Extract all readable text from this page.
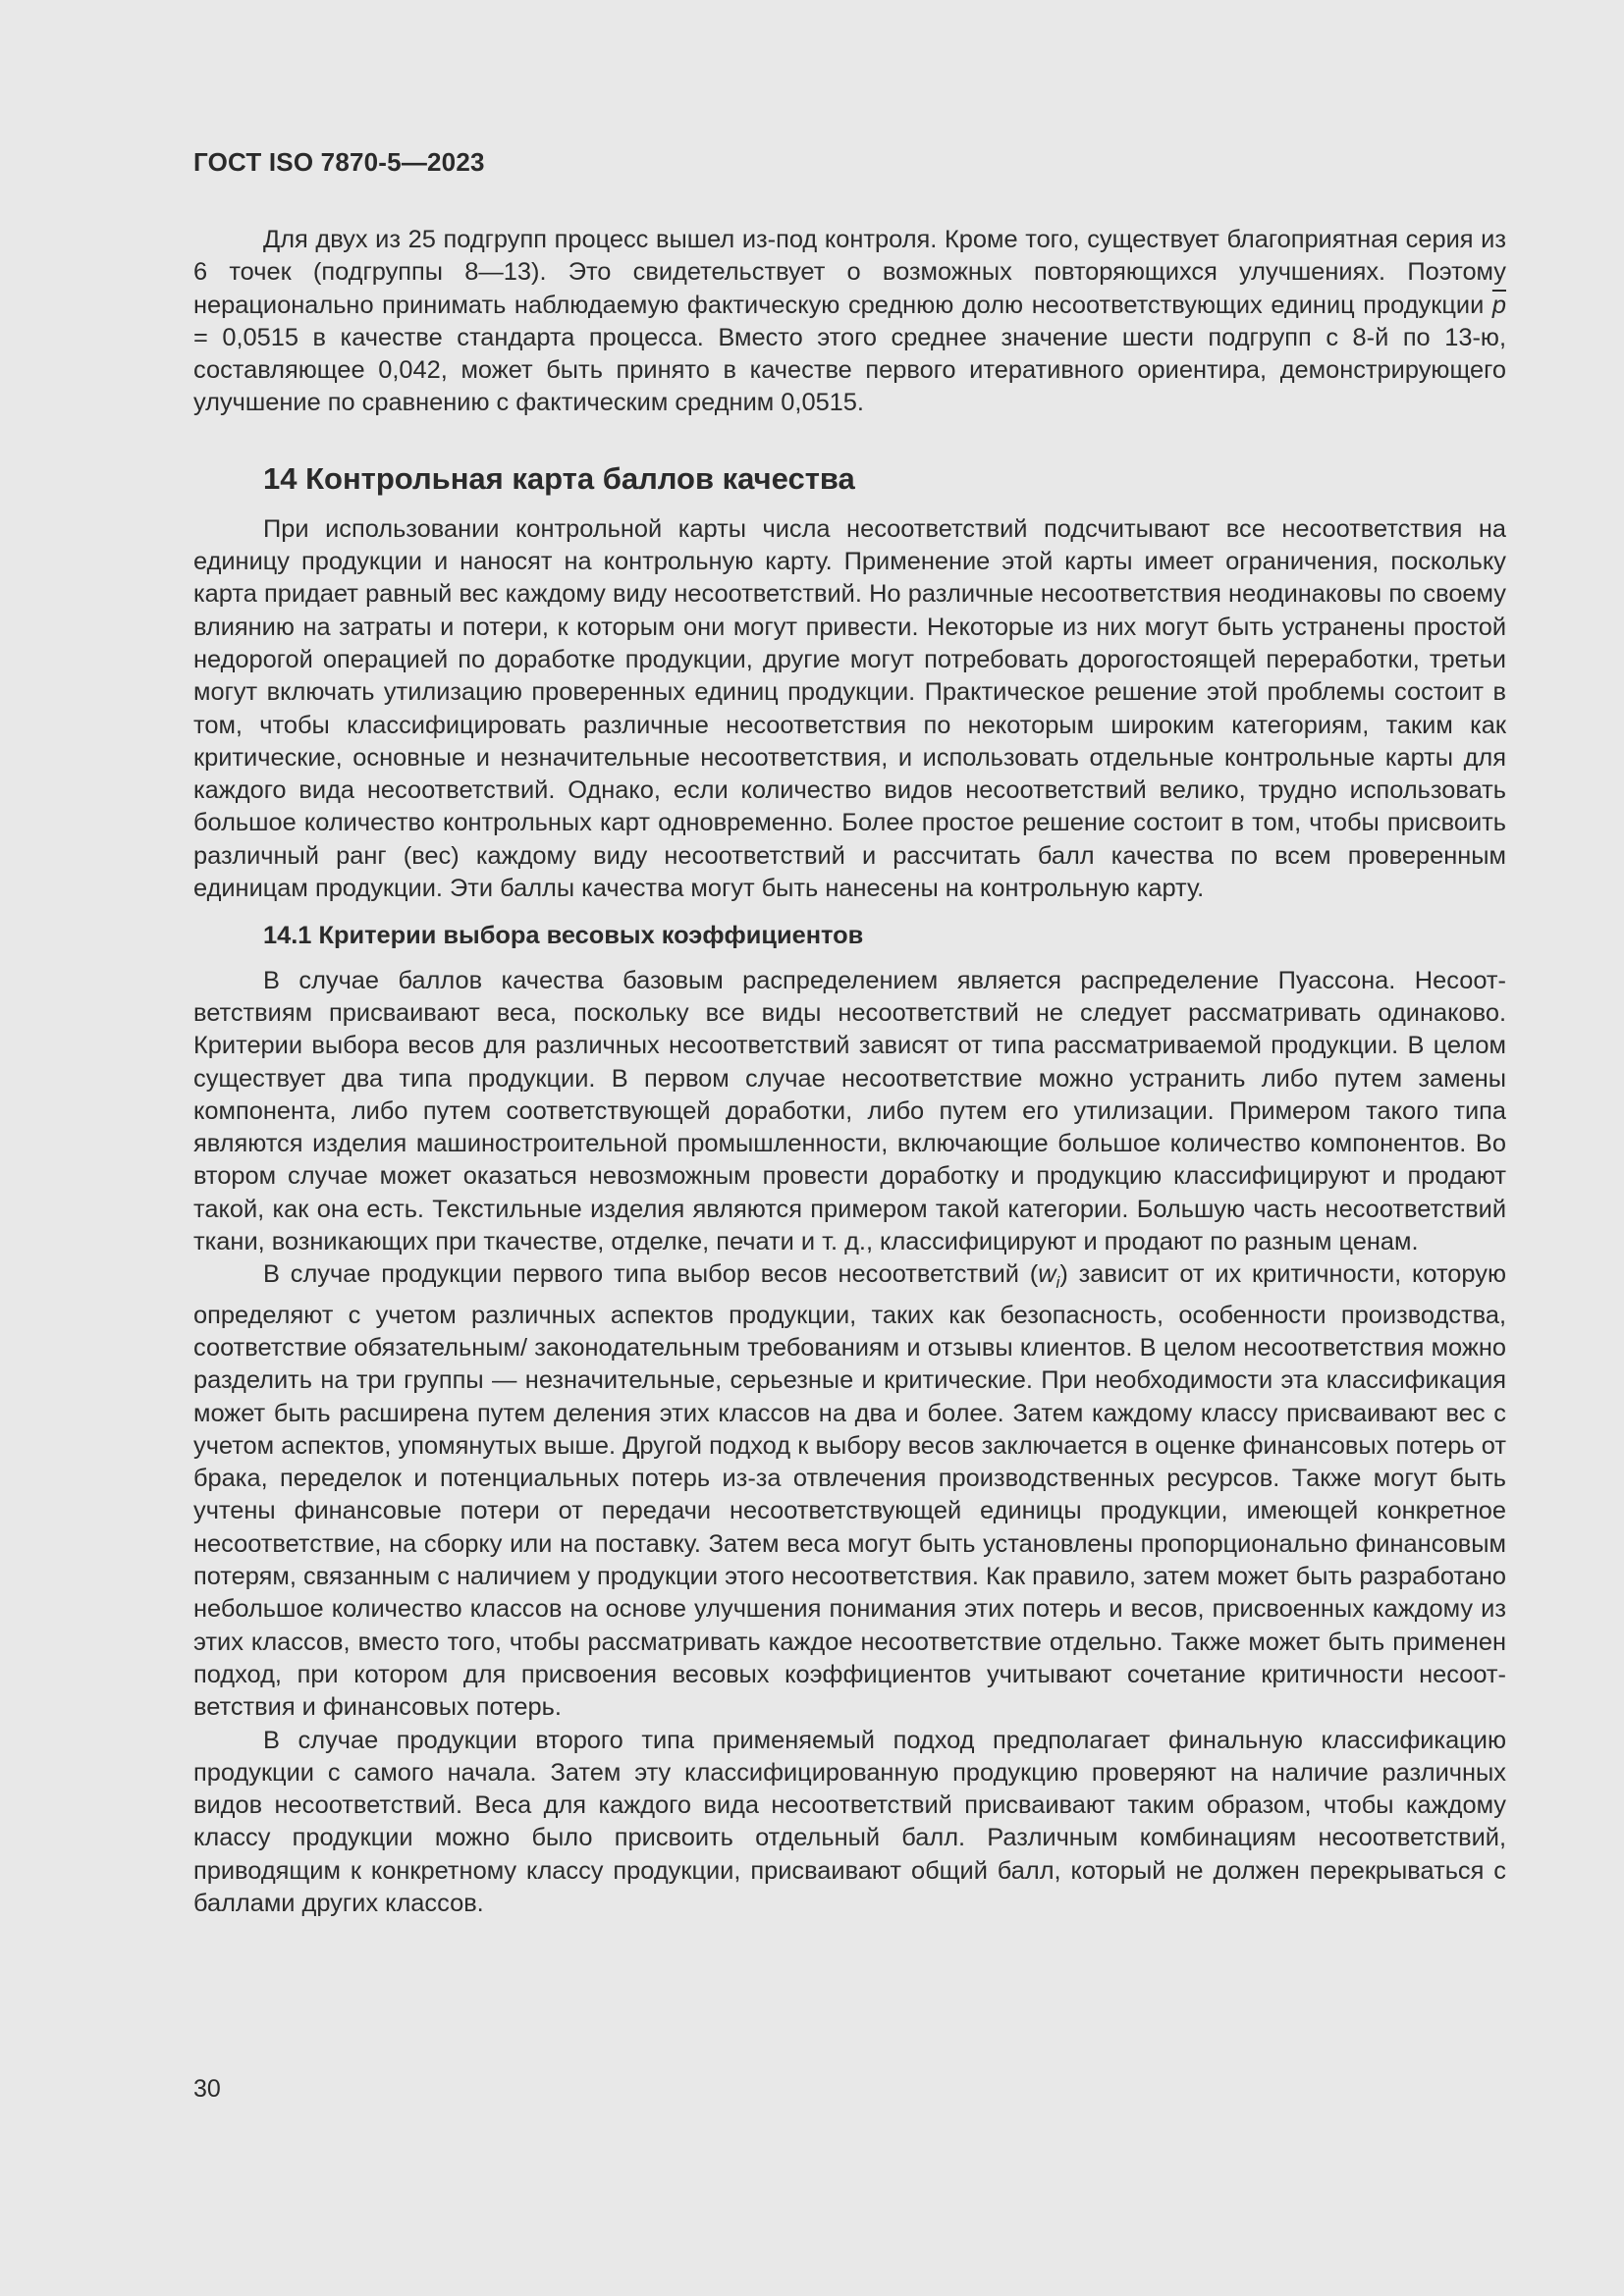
ГОСТ ISO 7870-5—2023

Для двух из 25 подгрупп процесс вышел из-под контроля. Кроме того, существует благоприятная серия из 6 точек (подгруппы 8—13). Это свидетельствует о возможных повторяющихся улучшениях. Поэтому нерационально принимать наблюдаемую фактическую среднюю долю несоответствующих единиц продукции $\overline{p} = 0,0515$ в качестве стандарта процесса. Вместо этого среднее значение шести подгрупп с 8-й по 13-ю, составляющее 0,042, может быть принято в качестве первого итеративного ориентира, демонстрирующего улучшение по сравнению с фактическим средним 0,0515.

14 Контрольная карта баллов качества

При использовании контрольной карты числа несоответствий подсчитывают все несоответствия на единицу продукции и наносят на контрольную карту. Применение этой карты имеет ограничения, поскольку карта придает равный вес каждому виду несоответствий. Но различные несоответствия неодинаковы по своему влиянию на затраты и потери, к которым они могут привести. Некоторые из них могут быть устранены простой недорогой операцией по доработке продукции, другие могут потребовать дорогостоящей переработки, третьи могут включать утилизацию проверенных единиц продукции. Практическое решение этой проблемы состоит в том, чтобы классифицировать различные несоответствия по некоторым широким категориям, таким как критические, основные и незначительные несоответствия, и использовать отдельные контрольные карты для каждого вида несоответствий. Однако, если количество видов несоответствий велико, трудно использовать большое количество контрольных карт одновременно. Более простое решение состоит в том, чтобы присвоить различный ранг (вес) каждому виду несоответствий и рассчитать балл качества по всем проверенным единицам продукции. Эти баллы качества могут быть нанесены на контрольную карту.

14.1 Критерии выбора весовых коэффициентов

В случае баллов качества базовым распределением является распределение Пуассона. Несоответствиям присваивают веса, поскольку все виды несоответствий не следует рассматривать одинаково. Критерии выбора весов для различных несоответствий зависят от типа рассматриваемой продукции. В целом существует два типа продукции. В первом случае несоответствие можно устранить либо путем замены компонента, либо путем соответствующей доработки, либо путем его утилизации. Примером такого типа являются изделия машиностроительной промышленности, включающие большое количество компонентов. Во втором случае может оказаться невозможным провести доработку и продукцию классифицируют и продают такой, как она есть. Текстильные изделия являются примером такой категории. Большую часть несоответствий ткани, возникающих при ткачестве, отделке, печати и т. д., классифицируют и продают по разным ценам.

В случае продукции первого типа выбор весов несоответствий $(w_i)$ зависит от их критичности, которую определяют с учетом различных аспектов продукции, таких как безопасность, особенности производства, соответствие обязательным/ законодательным требованиям и отзывы клиентов. В целом несоответствия можно разделить на три группы — незначительные, серьезные и критические. При необходимости эта классификация может быть расширена путем деления этих классов на два и более. Затем каждому классу присваивают вес с учетом аспектов, упомянутых выше. Другой подход к выбору весов заключается в оценке финансовых потерь от брака, переделок и потенциальных потерь из-за отвлечения производственных ресурсов. Также могут быть учтены финансовые потери от передачи несоответствующей единицы продукции, имеющей конкретное несоответствие, на сборку или на поставку. Затем веса могут быть установлены пропорционально финансовым потерям, связанным с наличием у продукции этого несоответствия. Как правило, затем может быть разработано небольшое количество классов на основе улучшения понимания этих потерь и весов, присвоенных каждому из этих классов, вместо того, чтобы рассматривать каждое несоответствие отдельно. Также может быть применен подход, при котором для присвоения весовых коэффициентов учитывают сочетание критичности несоответствия и финансовых потерь.

В случае продукции второго типа применяемый подход предполагает финальную классификацию продукции с самого начала. Затем эту классифицированную продукцию проверяют на наличие различных видов несоответствий. Веса для каждого вида несоответствий присваивают таким образом, чтобы каждому классу продукции можно было присвоить отдельный балл. Различным комбинациям несоответствий, приводящим к конкретному классу продукции, присваивают общий балл, который не должен перекрываться с баллами других классов.

30
